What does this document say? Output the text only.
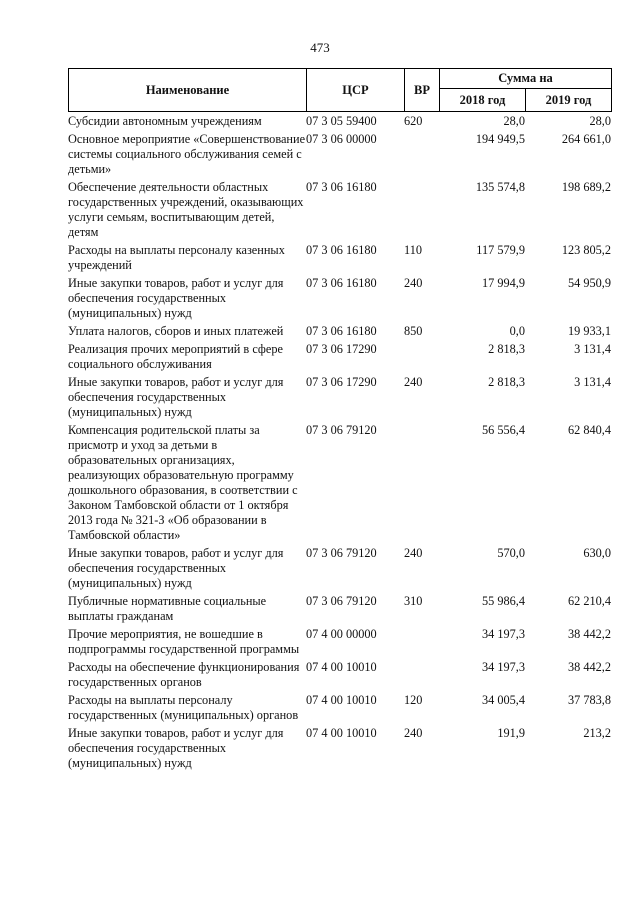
473
Наименование	ЦСР	ВР	Сумма на	
			2018 год	2019 год
Субсидии автономным учреждениям	07 3 05 59400	620	28,0	28,0
Основное мероприятие «Совершенствование системы социального обслуживания семей с детьми»	07 3 06 00000		194 949,5	264 661,0
Обеспечение деятельности областных государственных учреждений, оказывающих услуги семьям, воспитывающим детей, детям	07 3 06 16180		135 574,8	198 689,2
Расходы на выплаты персоналу казенных учреждений	07 3 06 16180	110	117 579,9	123 805,2
Иные закупки товаров, работ и услуг для обеспечения государственных (муниципальных) нужд	07 3 06 16180	240	17 994,9	54 950,9
Уплата налогов, сборов и иных платежей	07 3 06 16180	850	0,0	19 933,1
Реализация прочих мероприятий в сфере социального обслуживания	07 3 06 17290		2 818,3	3 131,4
Иные закупки товаров, работ и услуг для обеспечения государственных (муниципальных) нужд	07 3 06 17290	240	2 818,3	3 131,4
Компенсация родительской платы за присмотр и уход за детьми в образовательных организациях, реализующих образовательную программу дошкольного образования, в соответствии с Законом Тамбовской области от 1 октября 2013 года № 321-З «Об образовании в Тамбовской области»	07 3 06 79120		56 556,4	62 840,4
Иные закупки товаров, работ и услуг для обеспечения государственных (муниципальных) нужд	07 3 06 79120	240	570,0	630,0
Публичные нормативные социальные выплаты гражданам	07 3 06 79120	310	55 986,4	62 210,4
Прочие мероприятия, не вошедшие в подпрограммы государственной программы	07 4 00 00000		34 197,3	38 442,2
Расходы на обеспечение функционирования государственных органов	07 4 00 10010		34 197,3	38 442,2
Расходы на выплаты персоналу государственных (муниципальных) органов	07 4 00 10010	120	34 005,4	37 783,8
Иные закупки товаров, работ и услуг для обеспечения государственных (муниципальных) нужд	07 4 00 10010	240	191,9	213,2
